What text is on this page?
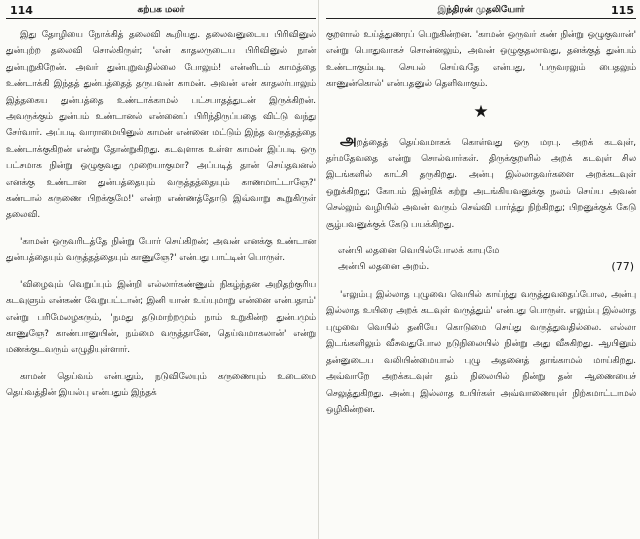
114	கற்பக மலர்

இது தோழியை நோக்கித் தலைவி கூறியது. தலைவனுடைய பிரிவினுல் துன்புற்ற தலைவி சொல்கிருள்; 'என் காதலருடைய பிரிவினுல் நான் துன்புறுகிறேன். அவர் துன்புறுவதில்லை போலும்! என்னிடம் காமத்தை உண்டாக்கி இந்தத் துன்பத்தைத் தருபவன் காமன். அவன் என் காதலர்பாலும் இத்தகைய துன்பத்தை உண்டாக்காமல் பட்சபாதத்துடன் இருக்கிறன். அவருக்கும் துன்பம் உண்டானல் என்னைப் பிரிந்திருப்பதை விட்டு வந்து சேர்வார். அப்படி வாராமையினுல் காமன் என்னை மட்டும் இந்த வருத்தத்தை உண்டாக்குகிறன் என்று தோன்றுகிறது. கடவுளாக உள்ள காமன் இப்படி ஒரு பட்சமாக நின்று ஒழுகுவது முறையாகுமா? அப்படித் தான் செய்தவனல் எனக்கு உண்டான துன்பத்தையும் வருத்தத்தையும் காணமாட்டாஞே?' கண்டால் கருணை பிறக்குமே!' என்ற எண்ணத்தோடு இவ்வாறு கூறுகிருள் தலைவி.

'காமன் ஒருவரிடத்தே நின்று போர் செய்கிறன்; அவன் எனக்கு உண்டான துன்பத்தையும் வருத்தத்தையும் காணுஞே?' என்பது பாட்டின் பொருள்.

'விழைவும் வெறுப்பும் இன்றி எல்லார்கண்ணும் நிகழ்ந்தன அறிதற்குரிய கடவுளும் என்கண் வேறுபட்டான்; இனி யான் உய்யுமாறு என்னை என்பதாம்' என்று பரிமேலழகரும், 'நமது தடுமாற்றமும் நாம் உறுகின்ற துன்பமும் காணுஞே? காண்பானுயின், நம்மை வருத்தானே, தெய்வமாகலான்' என்று மணக்குடவரும் எழுதியுள்ளார்.

காமன் தெய்வம் என்பதும், நடுவிலேயும் கருணையும் உடைமை தெய்வத்தின் இயல்பு என்பதும் இந்தக்

இந்திரன் முதலியோர்	115

குறளால் உய்த்துணரப் பெறுகின்றன. 'காமன் ஒருவர் கண் நின்று ஒழுகுவான்' என்று பொதுவாகச் சொன்னலும், அவன் ஒழுகுதலாவது, தனக்குத் துன்பம் உண்டாகும்படி செயல் செய்வதே என்பது, 'பருவரலும் பைதலும் காணுன்கொல்' என்பதனுல் தெளிவாகும்.

★

அறத்தைத் தெய்வமாகக் கொள்வது ஒரு மரபு. அறக் கடவுள், தர்மதேவதை என்று சொல்வார்கள். திருக்குறளில் அறக் கடவுள் சில இடங்களில் காட்சி தருகிறது. அன்பு இல்லாதவர்களை அறக்கடவுள் ஒறுக்கிறது; கோபம் இன்றிக் கற்று அடங்கியவனுக்கு நலம் செய்ய அவன் செல்லும் வழியில் அவன் வரும் செவ்வி பார்த்து நிற்கிறது; பிறனுக்குக் கேடு சூழ்பவனுக்குக் கேடு பயக்கிறது.

என்பி லதனை வெயில்போலக் காயுமே
அன்பி லதனை அறம்.	(77)

'எலும்பு இல்லாத புழுவை வெயில் காய்ந்து வருத்துவதைப்போல, அன்பு இல்லாத உயிரை அறக் கடவுள் வருத்தும்' என்பது பொருள். எலும்பு இல்லாத புழுவை வெயில் தனியே கொடுமை செய்து வருத்துவதில்லை. எல்லா இடங்களிலும் வீசுவதுபோல நடுநிலையில் நின்று அது வீசுகிறது. ஆயினும் தன்னுடைய வலியின்மையால் புழு அதனைத் தாங்காமல் மாய்கிறது. அவ்வாறே அறக்கடவுள் தம் நிலையில் நின்று தன் ஆணையைச் செலுத்துகிறது. அன்பு இல்லாத உயிர்கள் அவ்வாணையுள் நிற்கமாட்டாமல் ஒழிகின்றன.
